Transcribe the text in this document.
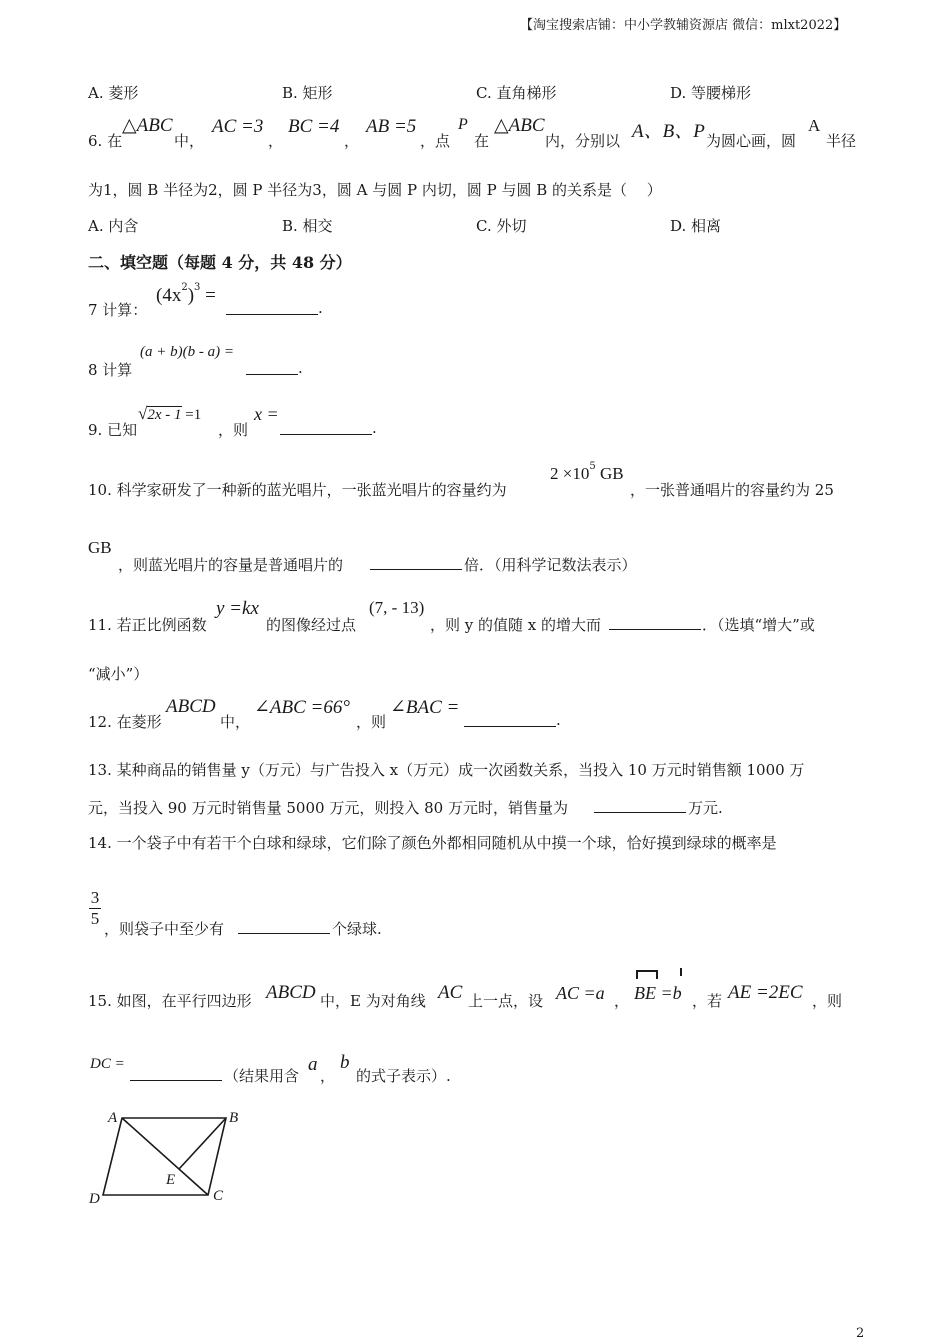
【淘宝搜索店铺：中小学教辅资源店 微信：mlxt2022】
A. 菱形	B. 矩形	C. 直角梯形	D. 等腰梯形
6. 在
△ABC
中，
AC =3
，
BC =4
，
AB =5
，点
P
在
△ABC
内，分别以 A、B、P 为圆心画，圆
A
半径
为1，圆 B 半径为2，圆 P 半径为3，圆 A 与圆 P 内切，圆 P 与圆 B 的关系是（　 ）
A. 内含	B. 相交	C. 外切	D. 相离
二、填空题（每题 4 分，共 48 分）
7 计算：
$(4x^2)^3$ =
.
8 计算
(a + b)(b - a) =
.
9. 已知
√2x - 1 =1
，则
x =
.
10. 科学家研发了一种新的蓝光唱片，一张蓝光唱片的容量约为
$2 \times 10^5$ GB
，一张普通唱片的容量约为 25
GB
，则蓝光唱片的容量是普通唱片的	倍．（用科学记数法表示）
11. 若正比例函数
y =kx
的图像经过点
(7, - 13)
，则 y 的值随 x 的增大而	．（选填“增大”或
“减小”）
12. 在菱形
ABCD
中，
∠ABC =66°
，则
∠BAC =
.
13. 某种商品的销售量 y（万元）与广告投入 x（万元）成一次函数关系，当投入 10 万元时销售额 1000 万
元，当投入 90 万元时销售量 5000 万元，则投入 80 万元时，销售量为	万元.
14. 一个袋子中有若干个白球和绿球，它们除了颜色外都相同随机从中摸一个球，恰好摸到绿球的概率是
3
5
，则袋子中至少有	个绿球.
15. 如图，在平行四边形 ABCD 中，E 为对角线 AC 上一点，设 AC =a ， BE =b ，若 AE =2EC ，则
DC =
（结果用含
a
，
b
的式子表示）.
A	B
C
D
E
2
